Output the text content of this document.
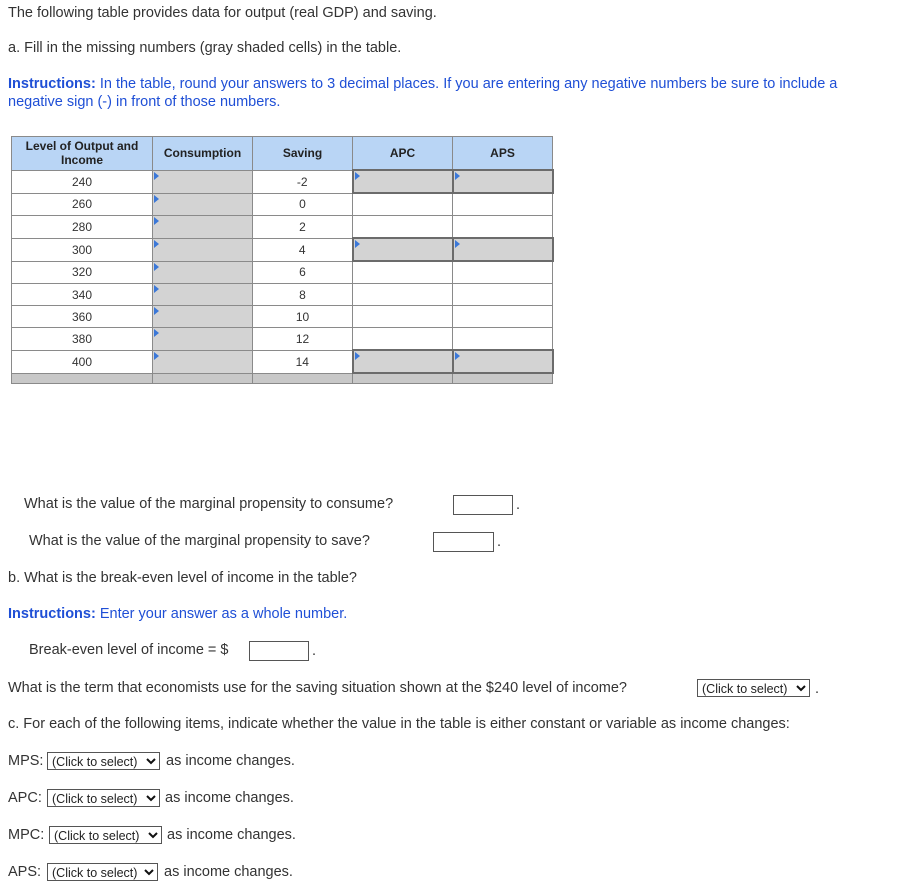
The following table provides data for output (real GDP) and saving.
a. Fill in the missing numbers (gray shaded cells) in the table.
Instructions: In the table, round your answers to 3 decimal places. If you are entering any negative numbers be sure to include a
negative sign (-) in front of those numbers.
Level of Output and Income	Consumption	Saving	APC	APS
240		-2		
260		0		
280		2		
300		4		
320		6		
340		8		
360		10		
380		12		
400		14		

What is the value of the marginal propensity to consume?	.
What is the value of the marginal propensity to save?	.
b. What is the break-even level of income in the table?
Instructions: Enter your answer as a whole number.
Break-even level of income = $	.
What is the term that economists use for the saving situation shown at the $240 level of income?	(Click to select)	.
c. For each of the following items, indicate whether the value in the table is either constant or variable as income changes:
MPS: (Click to select)	as income changes.
APC: (Click to select)	as income changes.
MPC: (Click to select)	as income changes.
APS: (Click to select)	as income changes.
